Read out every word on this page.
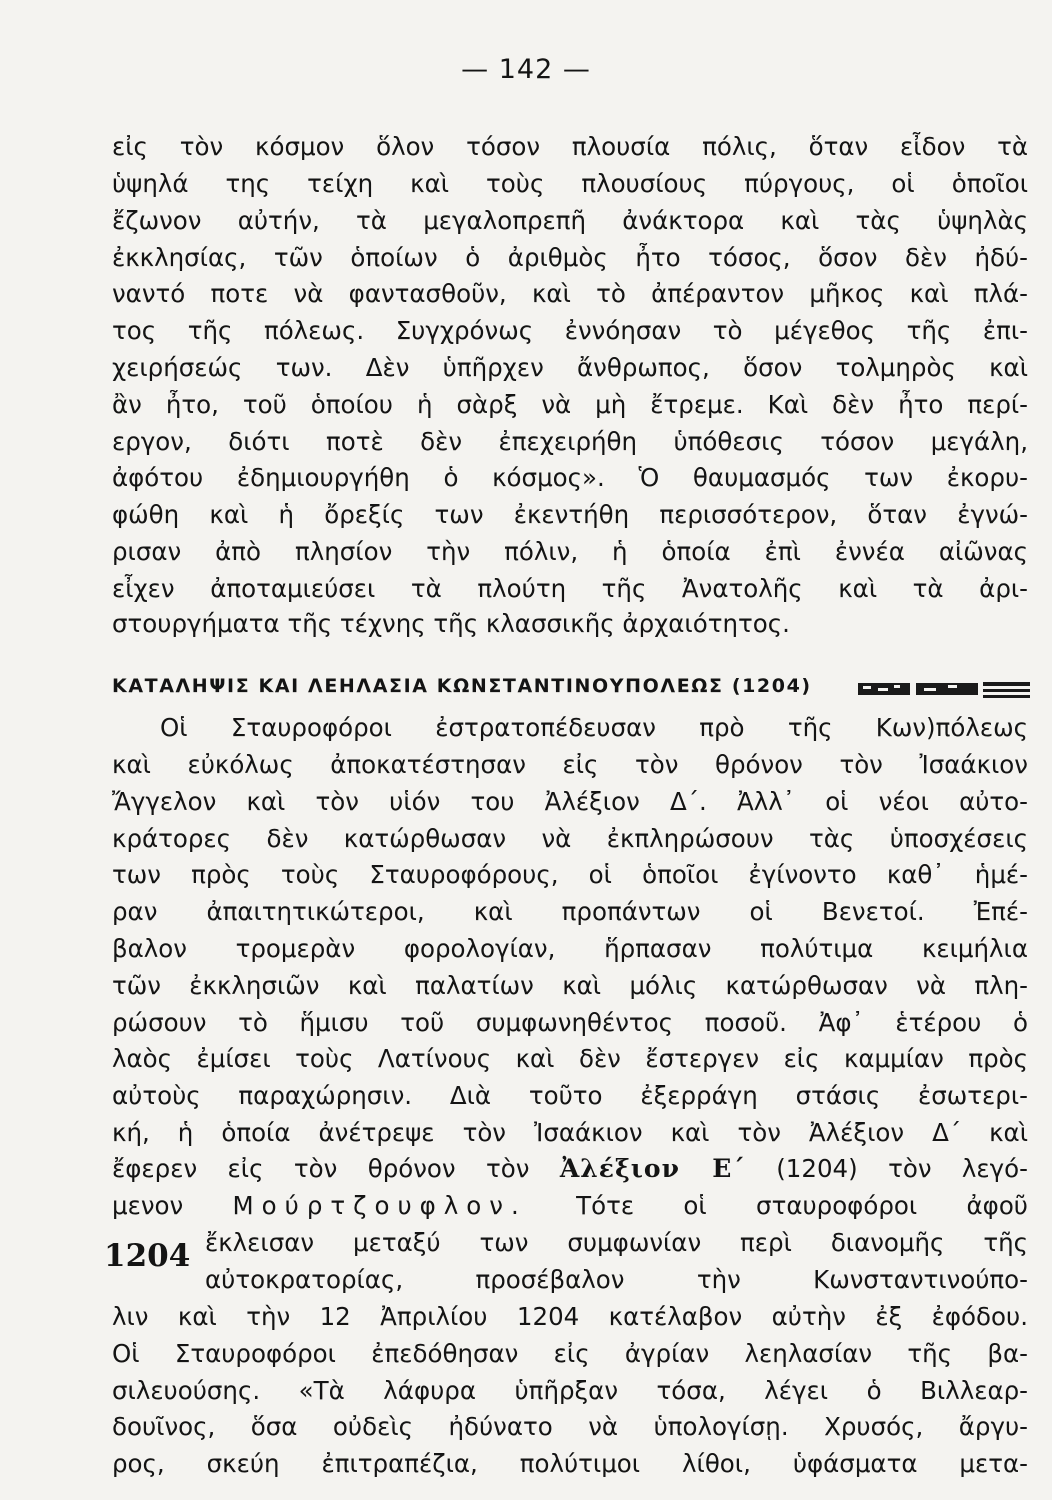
— 142 —
εἰς τὸν κόσμον ὅλον τόσον πλουσία πόλις, ὅταν εἶδον τὰ
ὑψηλά της τείχη καὶ τοὺς πλουσίους πύργους, οἱ ὁποῖοι
ἔζωνον αὐτήν, τὰ μεγαλοπρεπῆ ἀνάκτορα καὶ τὰς ὑψηλὰς
ἐκκλησίας, τῶν ὁποίων ὁ ἀριθμὸς ἦτο τόσος, ὅσον δὲν ἠδύ-
ναντό ποτε νὰ φαντασθοῦν, καὶ τὸ ἀπέραντον μῆκος καὶ πλά-
τος τῆς πόλεως. Συγχρόνως ἐννόησαν τὸ μέγεθος τῆς ἐπι-
χειρήσεώς των. Δὲν ὑπῆρχεν ἄνθρωπος, ὅσον τολμηρὸς καὶ
ἂν ἦτο, τοῦ ὁποίου ἡ σὰρξ νὰ μὴ ἔτρεμε. Καὶ δὲν ἦτο περί-
εργον, διότι ποτὲ δὲν ἐπεχειρήθη ὑπόθεσις τόσον μεγάλη,
ἀφότου ἐδημιουργήθη ὁ κόσμος». Ὁ θαυμασμός των ἐκορυ-
φώθη καὶ ἡ ὄρεξίς των ἐκεντήθη περισσότερον, ὅταν ἐγνώ-
ρισαν ἀπὸ πλησίον τὴν πόλιν, ἡ ὁποία ἐπὶ ἐννέα αἰῶνας
εἶχεν ἀποταμιεύσει τὰ πλούτη τῆς Ἀνατολῆς καὶ τὰ ἀρι-
στουργήματα τῆς τέχνης τῆς κλασσικῆς ἀρχαιότητος.
ΚΑΤΑΛΗΨΙΣ ΚΑΙ ΛΕΗΛΑΣΙΑ ΚΩΝΣΤΑΝΤΙΝΟΥΠΟΛΕΩΣ (1204)
Οἱ Σταυροφόροι ἐστρατοπέδευσαν πρὸ τῆς Κων)πόλεως
καὶ εὐκόλως ἀποκατέστησαν εἰς τὸν θρόνον τὸν Ἰσαάκιον
Ἄγγελον καὶ τὸν υἱόν του Ἀλέξιον Δ΄. Ἀλλ᾿ οἱ νέοι αὐτο-
κράτορες δὲν κατώρθωσαν νὰ ἐκπληρώσουν τὰς ὑποσχέσεις
των πρὸς τοὺς Σταυροφόρους, οἱ ὁποῖοι ἐγίνοντο καθ᾿ ἡμέ-
ραν ἀπαιτητικώτεροι, καὶ προπάντων οἱ Βενετοί. Ἐπέ-
βαλον τρομερὰν φορολογίαν, ἥρπασαν πολύτιμα κειμήλια
τῶν ἐκκλησιῶν καὶ παλατίων καὶ μόλις κατώρθωσαν νὰ πλη-
ρώσουν τὸ ἥμισυ τοῦ συμφωνηθέντος ποσοῦ. Ἀφ᾿ ἑτέρου ὁ
λαὸς ἐμίσει τοὺς Λατίνους καὶ δὲν ἔστεργεν εἰς καμμίαν πρὸς
αὐτοὺς παραχώρησιν. Διὰ τοῦτο ἐξερράγη στάσις ἐσωτερι-
κή, ἡ ὁποία ἀνέτρεψε τὸν Ἰσαάκιον καὶ τὸν Ἀλέξιον Δ΄ καὶ
ἔφερεν εἰς τὸν θρόνον τὸν Ἀλέξιον Ε΄ (1204) τὸν λεγό-
μενον Μούρτζουφλον. Τότε οἱ σταυροφόροι ἀφοῦ
1204 ἔκλεισαν μεταξύ των συμφωνίαν περὶ διανομῆς τῆς
αὐτοκρατορίας, προσέβαλον τὴν Κωνσταντινούπο-
λιν καὶ τὴν 12 Ἀπριλίου 1204 κατέλαβον αὐτὴν ἐξ ἐφόδου.
Οἱ Σταυροφόροι ἐπεδόθησαν εἰς ἀγρίαν λεηλασίαν τῆς βα-
σιλευούσης. «Τὰ λάφυρα ὑπῆρξαν τόσα, λέγει ὁ Βιλλεαρ-
δουῖνος, ὅσα οὐδεὶς ἠδύνατο νὰ ὑπολογίσῃ. Χρυσός, ἄργυ-
ρος, σκεύη ἐπιτραπέζια, πολύτιμοι λίθοι, ὑφάσματα μετα-
